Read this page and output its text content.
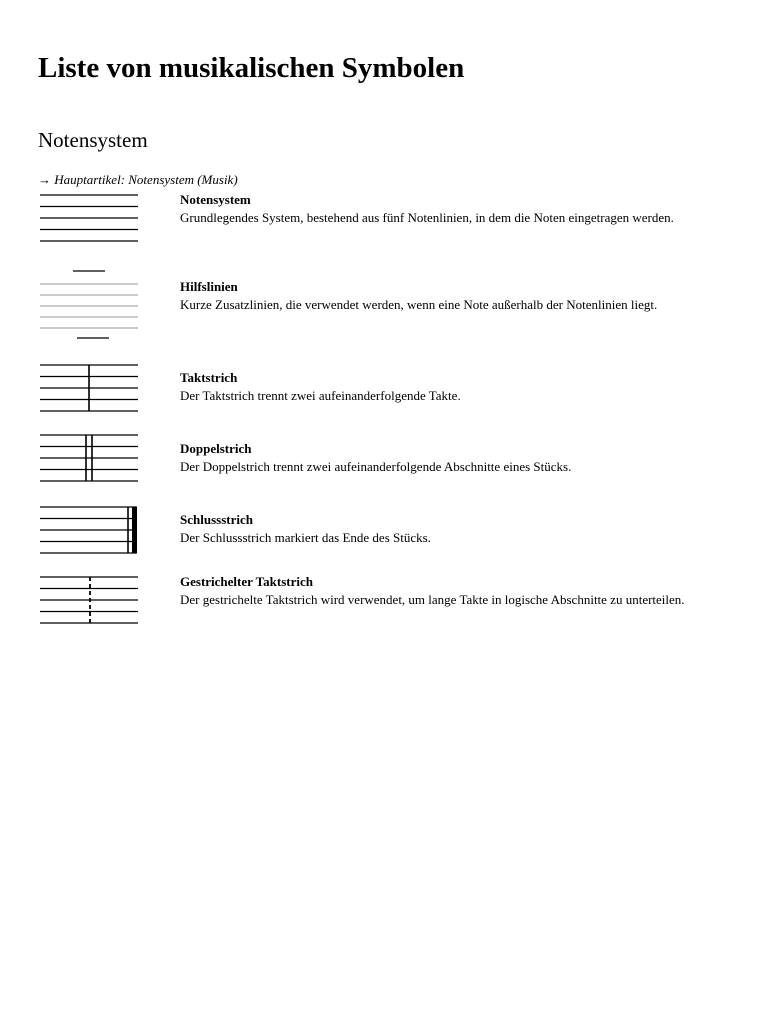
Liste von musikalischen Symbolen
Notensystem
→ Hauptartikel: Notensystem (Musik)
Notensystem
Grundlegendes System, bestehend aus fünf Notenlinien, in dem die Noten eingetragen werden.
Hilfslinien
Kurze Zusatzlinien, die verwendet werden, wenn eine Note außerhalb der Notenlinien liegt.
Taktstrich
Der Taktstrich trennt zwei aufeinanderfolgende Takte.
Doppelstrich
Der Doppelstrich trennt zwei aufeinanderfolgende Abschnitte eines Stücks.
Schlussstrich
Der Schlussstrich markiert das Ende des Stücks.
Gestrichelter Taktstrich
Der gestrichelte Taktstrich wird verwendet, um lange Takte in logische Abschnitte zu unterteilen.
